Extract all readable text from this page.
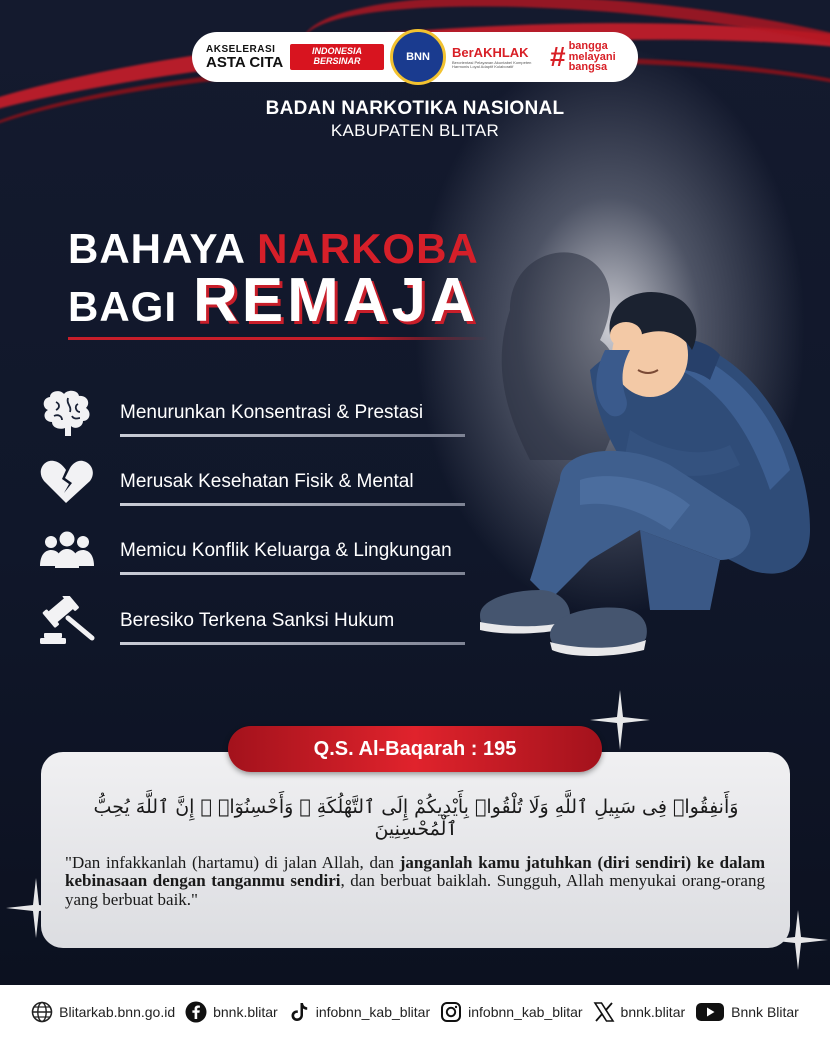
AKSELERASI
ASTA CITA
INDONESIA BERSINAR	BNN BerAKHLAK
Berorientasi Pelayanan Akuntabel Kompeten Harmonis Loyal Adaptif Kolaboratif	# bangga
melayani
bangsa
BADAN NARKOTIKA NASIONAL
KABUPATEN BLITAR
BAHAYA NARKOBA
BAGI REMAJA
Menurunkan Konsentrasi & Prestasi
Merusak Kesehatan Fisik & Mental
Memicu Konflik Keluarga & Lingkungan
Beresiko Terkena Sanksi Hukum
وَأَنفِقُوا۟ فِى سَبِيلِ ٱللَّهِ وَلَا تُلْقُوا۟ بِأَيْدِيكُمْ إِلَى ٱلتَّهْلُكَةِ ۛ وَأَحْسِنُوٓا۟ ۛ إِنَّ ٱللَّهَ يُحِبُّ ٱلْمُحْسِنِينَ
"Dan infakkanlah (hartamu) di jalan Allah, dan janganlah kamu jatuhkan (diri sendiri) ke dalam kebinasaan dengan tanganmu sendiri, dan berbuat baiklah. Sungguh, Allah menyukai orang-orang yang berbuat baik."
Q.S. Al-Baqarah : 195
Blitarkab.bnn.go.id	bnnk.blitar	infobnn_kab_blitar	infobnn_kab_blitar	bnnk.blitar	Bnnk Blitar
